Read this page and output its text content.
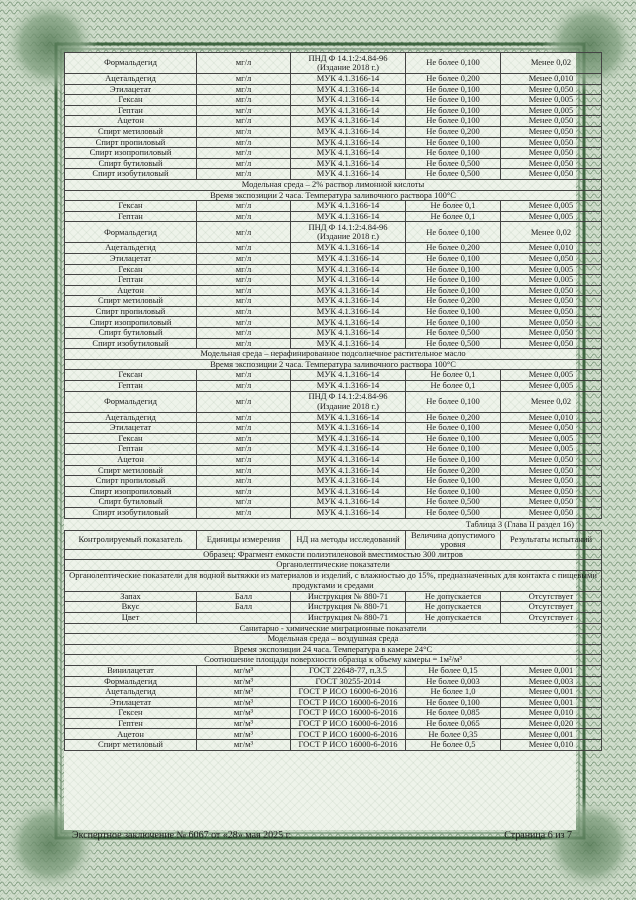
Формальдегид	мг/л	ПНД Ф 14.1:2:4.84-96 (Издание 2018 г.)	Не более 0,100	Менее 0,02
Ацетальдегид	мг/л	МУК 4.1.3166-14	Не более 0,200	Менее 0,010
Этилацетат	мг/л	МУК 4.1.3166-14	Не более 0,100	Менее 0,050
Гексан	мг/л	МУК 4.1.3166-14	Не более 0,100	Менее 0,005
Гептан	мг/л	МУК 4.1.3166-14	Не более 0,100	Менее 0,005
Ацетон	мг/л	МУК 4.1.3166-14	Не более 0,100	Менее 0,050
Спирт метиловый	мг/л	МУК 4.1.3166-14	Не более 0,200	Менее 0,050
Спирт пропиловый	мг/л	МУК 4.1.3166-14	Не более 0,100	Менее 0,050
Спирт изопропиловый	мг/л	МУК 4.1.3166-14	Не более 0,100	Менее 0,050
Спирт бутиловый	мг/л	МУК 4.1.3166-14	Не более 0,500	Менее 0,050
Спирт изобутиловый	мг/л	МУК 4.1.3166-14	Не более 0,500	Менее 0,050
Модельная среда – 2% раствор лимонной кислоты				
Время экспозиции 2 часа. Температура заливочного раствора 100°С				
Гексан	мг/л	МУК 4.1.3166-14	Не более 0,1	Менее 0,005
Гептан	мг/л	МУК 4.1.3166-14	Не более 0,1	Менее 0,005
Формальдегид	мг/л	ПНД Ф 14.1:2:4.84-96 (Издание 2018 г.)	Не более 0,100	Менее 0,02
Ацетальдегид	мг/л	МУК 4.1.3166-14	Не более 0,200	Менее 0,010
Этилацетат	мг/л	МУК 4.1.3166-14	Не более 0,100	Менее 0,050
Гексан	мг/л	МУК 4.1.3166-14	Не более 0,100	Менее 0,005
Гептан	мг/л	МУК 4.1.3166-14	Не более 0,100	Менее 0,005
Ацетон	мг/л	МУК 4.1.3166-14	Не более 0,100	Менее 0,050
Спирт метиловый	мг/л	МУК 4.1.3166-14	Не более 0,200	Менее 0,050
Спирт пропиловый	мг/л	МУК 4.1.3166-14	Не более 0,100	Менее 0,050
Спирт изопропиловый	мг/л	МУК 4.1.3166-14	Не более 0,100	Менее 0,050
Спирт бутиловый	мг/л	МУК 4.1.3166-14	Не более 0,500	Менее 0,050
Спирт изобутиловый	мг/л	МУК 4.1.3166-14	Не более 0,500	Менее 0,050
Модельная среда – нерафинированное подсолнечное растительное масло				
Время экспозиции 2 часа. Температура заливочного раствора 100°С				
Гексан	мг/л	МУК 4.1.3166-14	Не более 0,1	Менее 0,005
Гептан	мг/л	МУК 4.1.3166-14	Не более 0,1	Менее 0,005
Формальдегид	мг/л	ПНД Ф 14.1:2:4.84-96 (Издание 2018 г.)	Не более 0,100	Менее 0,02
Ацетальдегид	мг/л	МУК 4.1.3166-14	Не более 0,200	Менее 0,010
Этилацетат	мг/л	МУК 4.1.3166-14	Не более 0,100	Менее 0,050
Гексан	мг/л	МУК 4.1.3166-14	Не более 0,100	Менее 0,005
Гептан	мг/л	МУК 4.1.3166-14	Не более 0,100	Менее 0,005
Ацетон	мг/л	МУК 4.1.3166-14	Не более 0,100	Менее 0,050
Спирт метиловый	мг/л	МУК 4.1.3166-14	Не более 0,200	Менее 0,050
Спирт пропиловый	мг/л	МУК 4.1.3166-14	Не более 0,100	Менее 0,050
Спирт изопропиловый	мг/л	МУК 4.1.3166-14	Не более 0,100	Менее 0,050
Спирт бутиловый	мг/л	МУК 4.1.3166-14	Не более 0,500	Менее 0,050
Спирт изобутиловый	мг/л	МУК 4.1.3166-14	Не более 0,500	Менее 0,050
Таблица 3 (Глава II раздел 16)
Контролируемый показатель	Единицы измерения	НД на методы исследований	Величина допустимого уровня	Результаты испытаний
Образец: Фрагмент емкости полиэтиленовой вместимостью 300 литров				
Органолептические показатели				
Органолептические показатели для водной вытяжки из материалов и изделий, с влажностью до 15%, предназначенных для контакта с пищевыми продуктами и средами				
Запах	Балл	Инструкция № 880-71	Не допускается	Отсутствует
Вкус	Балл	Инструкция № 880-71	Не допускается	Отсутствует
Цвет		Инструкция № 880-71	Не допускается	Отсутствует
Санитарно - химические миграционные показатели				
Модельная среда – воздушная среда				
Время экспозиции 24 часа. Температура в камере 24°С				
Соотношение площади поверхности образца к объему камеры = 1м²/м³				
Винилацетат	мг/м³	ГОСТ 22648-77, п.3.5	Не более 0,15	Менее 0,001
Формальдегид	мг/м³	ГОСТ 30255-2014	Не более 0,003	Менее 0,003
Ацетальдегид	мг/м³	ГОСТ Р ИСО 16000-6-2016	Не более 1,0	Менее 0,001
Этилацетат	мг/м³	ГОСТ Р ИСО 16000-6-2016	Не более 0,100	Менее 0,001
Гексен	мг/м³	ГОСТ Р ИСО 16000-6-2016	Не более 0,085	Менее 0,010
Гептен	мг/м³	ГОСТ Р ИСО 16000-6-2016	Не более 0,065	Менее 0,020
Ацетон	мг/м³	ГОСТ Р ИСО 16000-6-2016	Не более 0,35	Менее 0,001
Спирт метиловый	мг/м³	ГОСТ Р ИСО 16000-6-2016	Не более 0,5	Менее 0,010
Экспертное заключение № 6067 от «28» мая 2025 г.	Страница 6 из 7
